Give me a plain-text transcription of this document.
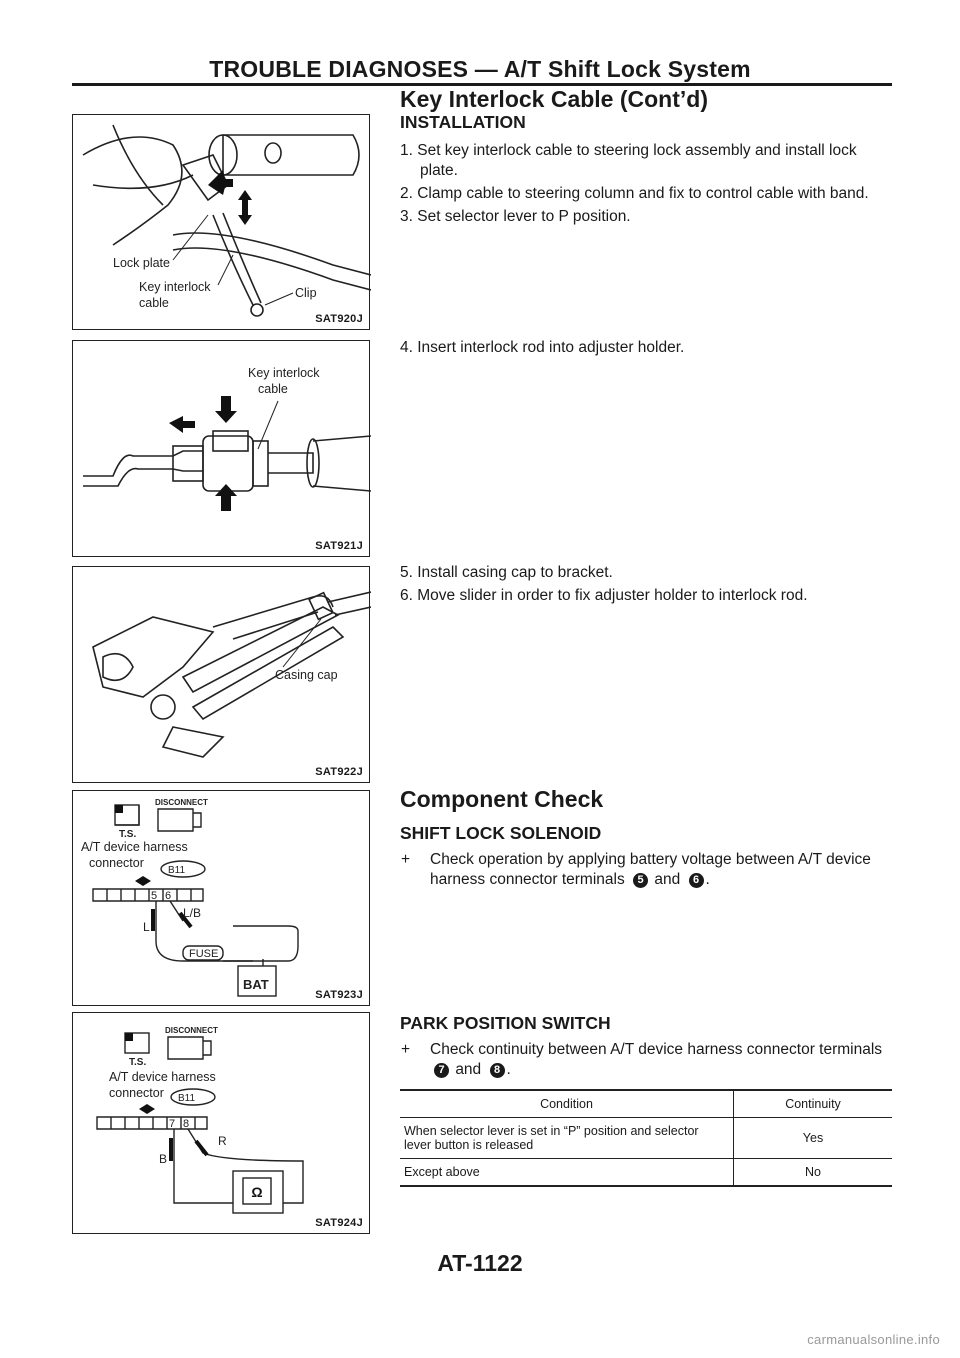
TROUBLE DIAGNOSES — A/T Shift Lock System
Key Interlock Cable (Cont’d)
Lock plate
Key interlock
cable
Clip
SAT920J
Key interlock
cable
SAT921J
Casing cap
SAT922J
T.S.
DISCONNECT
A/T device harness
connector
B11
5 6
L/B
L
FUSE
BAT
SAT923J
Ω
T.S.
DISCONNECT
A/T device harness
connector B11
7 8
R
B
SAT924J
INSTALLATION
1. Set key interlock cable to steering lock assembly and install lock plate.
2. Clamp cable to steering column and fix to control cable with band.
3. Set selector lever to P position.
4. Insert interlock rod into adjuster holder.
5. Install casing cap to bracket.
6. Move slider in order to fix adjuster holder to interlock rod.
Component Check
SHIFT LOCK SOLENOID
+ Check operation by applying battery voltage between A/T device harness connector terminals 5 and 6 .
PARK POSITION SWITCH
+ Check continuity between A/T device harness connector terminals 7 and 8 .
Condition	Continuity
When selector lever is set in “P” position and selector lever button is released	Yes
Except above	No
AT-1122
carmanualsonline.info
